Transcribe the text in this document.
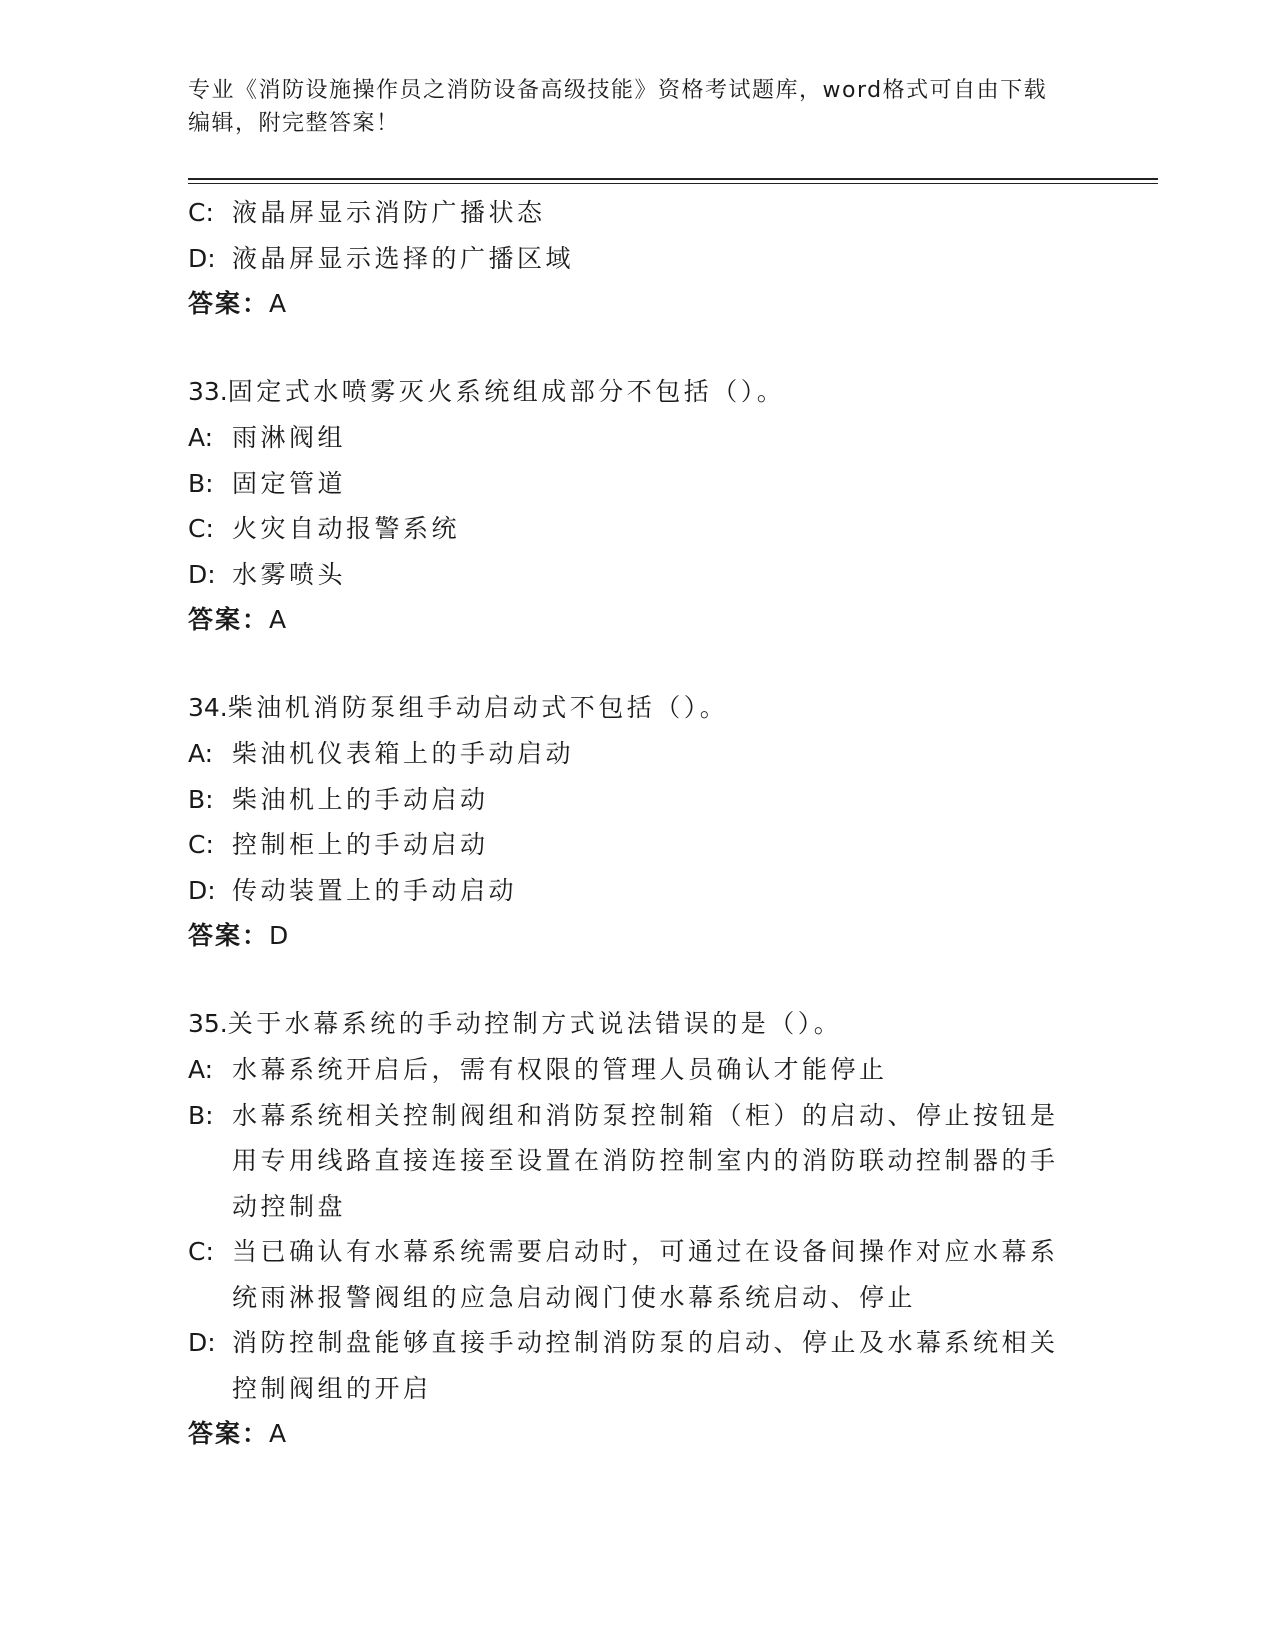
专业《消防设施操作员之消防设备高级技能》资格考试题库，word格式可自由下载编辑，附完整答案！
C: 液晶屏显示消防广播状态
D: 液晶屏显示选择的广播区域
答案：A
33.固定式水喷雾灭火系统组成部分不包括（）。
A: 雨淋阀组
B: 固定管道
C: 火灾自动报警系统
D: 水雾喷头
答案：A
34.柴油机消防泵组手动启动式不包括（）。
A: 柴油机仪表箱上的手动启动
B: 柴油机上的手动启动
C: 控制柜上的手动启动
D: 传动装置上的手动启动
答案：D
35.关于水幕系统的手动控制方式说法错误的是（）。
A: 水幕系统开启后，需有权限的管理人员确认才能停止
B: 水幕系统相关控制阀组和消防泵控制箱（柜）的启动、停止按钮是用专用线路直接连接至设置在消防控制室内的消防联动控制器的手动控制盘
C: 当已确认有水幕系统需要启动时，可通过在设备间操作对应水幕系统雨淋报警阀组的应急启动阀门使水幕系统启动、停止
D: 消防控制盘能够直接手动控制消防泵的启动、停止及水幕系统相关控制阀组的开启
答案：A
